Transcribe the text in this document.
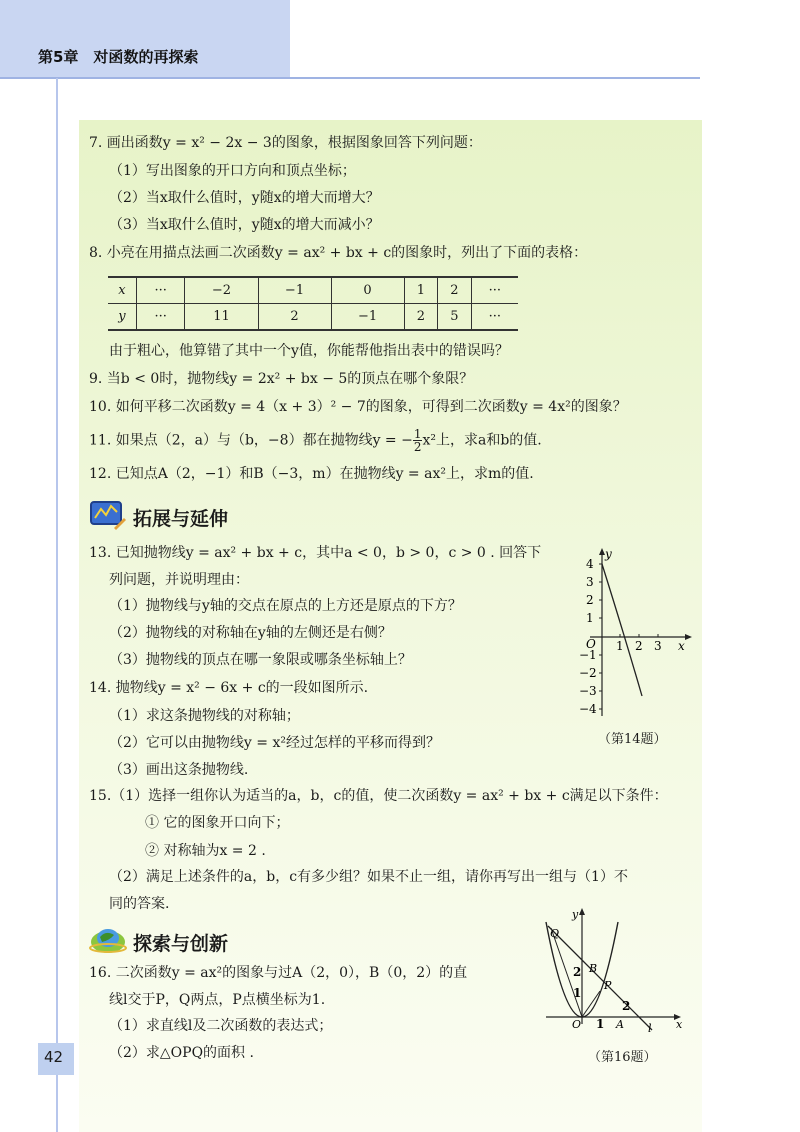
第5章　对函数的再探索
7. 画出函数y = x² − 2x − 3的图象，根据图象回答下列问题：
（1）写出图象的开口方向和顶点坐标；
（2）当x取什么值时，y随x的增大而增大？
（3）当x取什么值时，y随x的增大而减小？
8. 小亮在用描点法画二次函数y = ax² + bx + c的图象时，列出了下面的表格：
x	···	−2	−1	0	1	2	···
y	···	11	2	−1	2	5	···
由于粗心，他算错了其中一个y值，你能帮他指出表中的错误吗？
9. 当b < 0时，抛物线y = 2x² + bx − 5的顶点在哪个象限？
10. 如何平移二次函数y = 4（x + 3）² − 7的图象，可得到二次函数y = 4x²的图象？
11. 如果点（2，a）与（b，−8）都在抛物线y = − $\frac{1}{2} x^2$上，求a和b的值.
12. 已知点A（2，−1）和B（−3，m）在抛物线y = ax²上，求m的值.
拓展与延伸
13. 已知抛物线y = ax² + bx + c，其中a < 0，b > 0，c > 0 . 回答下
列问题，并说明理由：
（1）抛物线与y轴的交点在原点的上方还是原点的下方？
（2）抛物线的对称轴在y轴的左侧还是右侧？
（3）抛物线的顶点在哪一象限或哪条坐标轴上？
14. 抛物线y = x² − 6x + c的一段如图所示.
（1）求这条抛物线的对称轴；
（2）它可以由抛物线y = x²经过怎样的平移而得到？
（3）画出这条抛物线.
y
x
O
4
3
2
1
−1
−2
−3
−4
1 2 3
（第14题）
15.（1）选择一组你认为适当的a，b，c的值，使二次函数y = ax² + bx + c满足以下条件：
① 它的图象开口向下；
② 对称轴为x = 2 .
（2）满足上述条件的a，b，c有多少组？如果不止一组，请你再写出一组与（1）不
同的答案.
探索与创新
16. 二次函数y = ax²的图象与过A（2，0），B（0，2）的直
线l交于P，Q两点，P点横坐标为1.
（1）求直线l及二次函数的表达式；
（2）求△OPQ的面积 .
y
x
O
Q
B
P
A l
2
1
1
2
（第16题）
42
